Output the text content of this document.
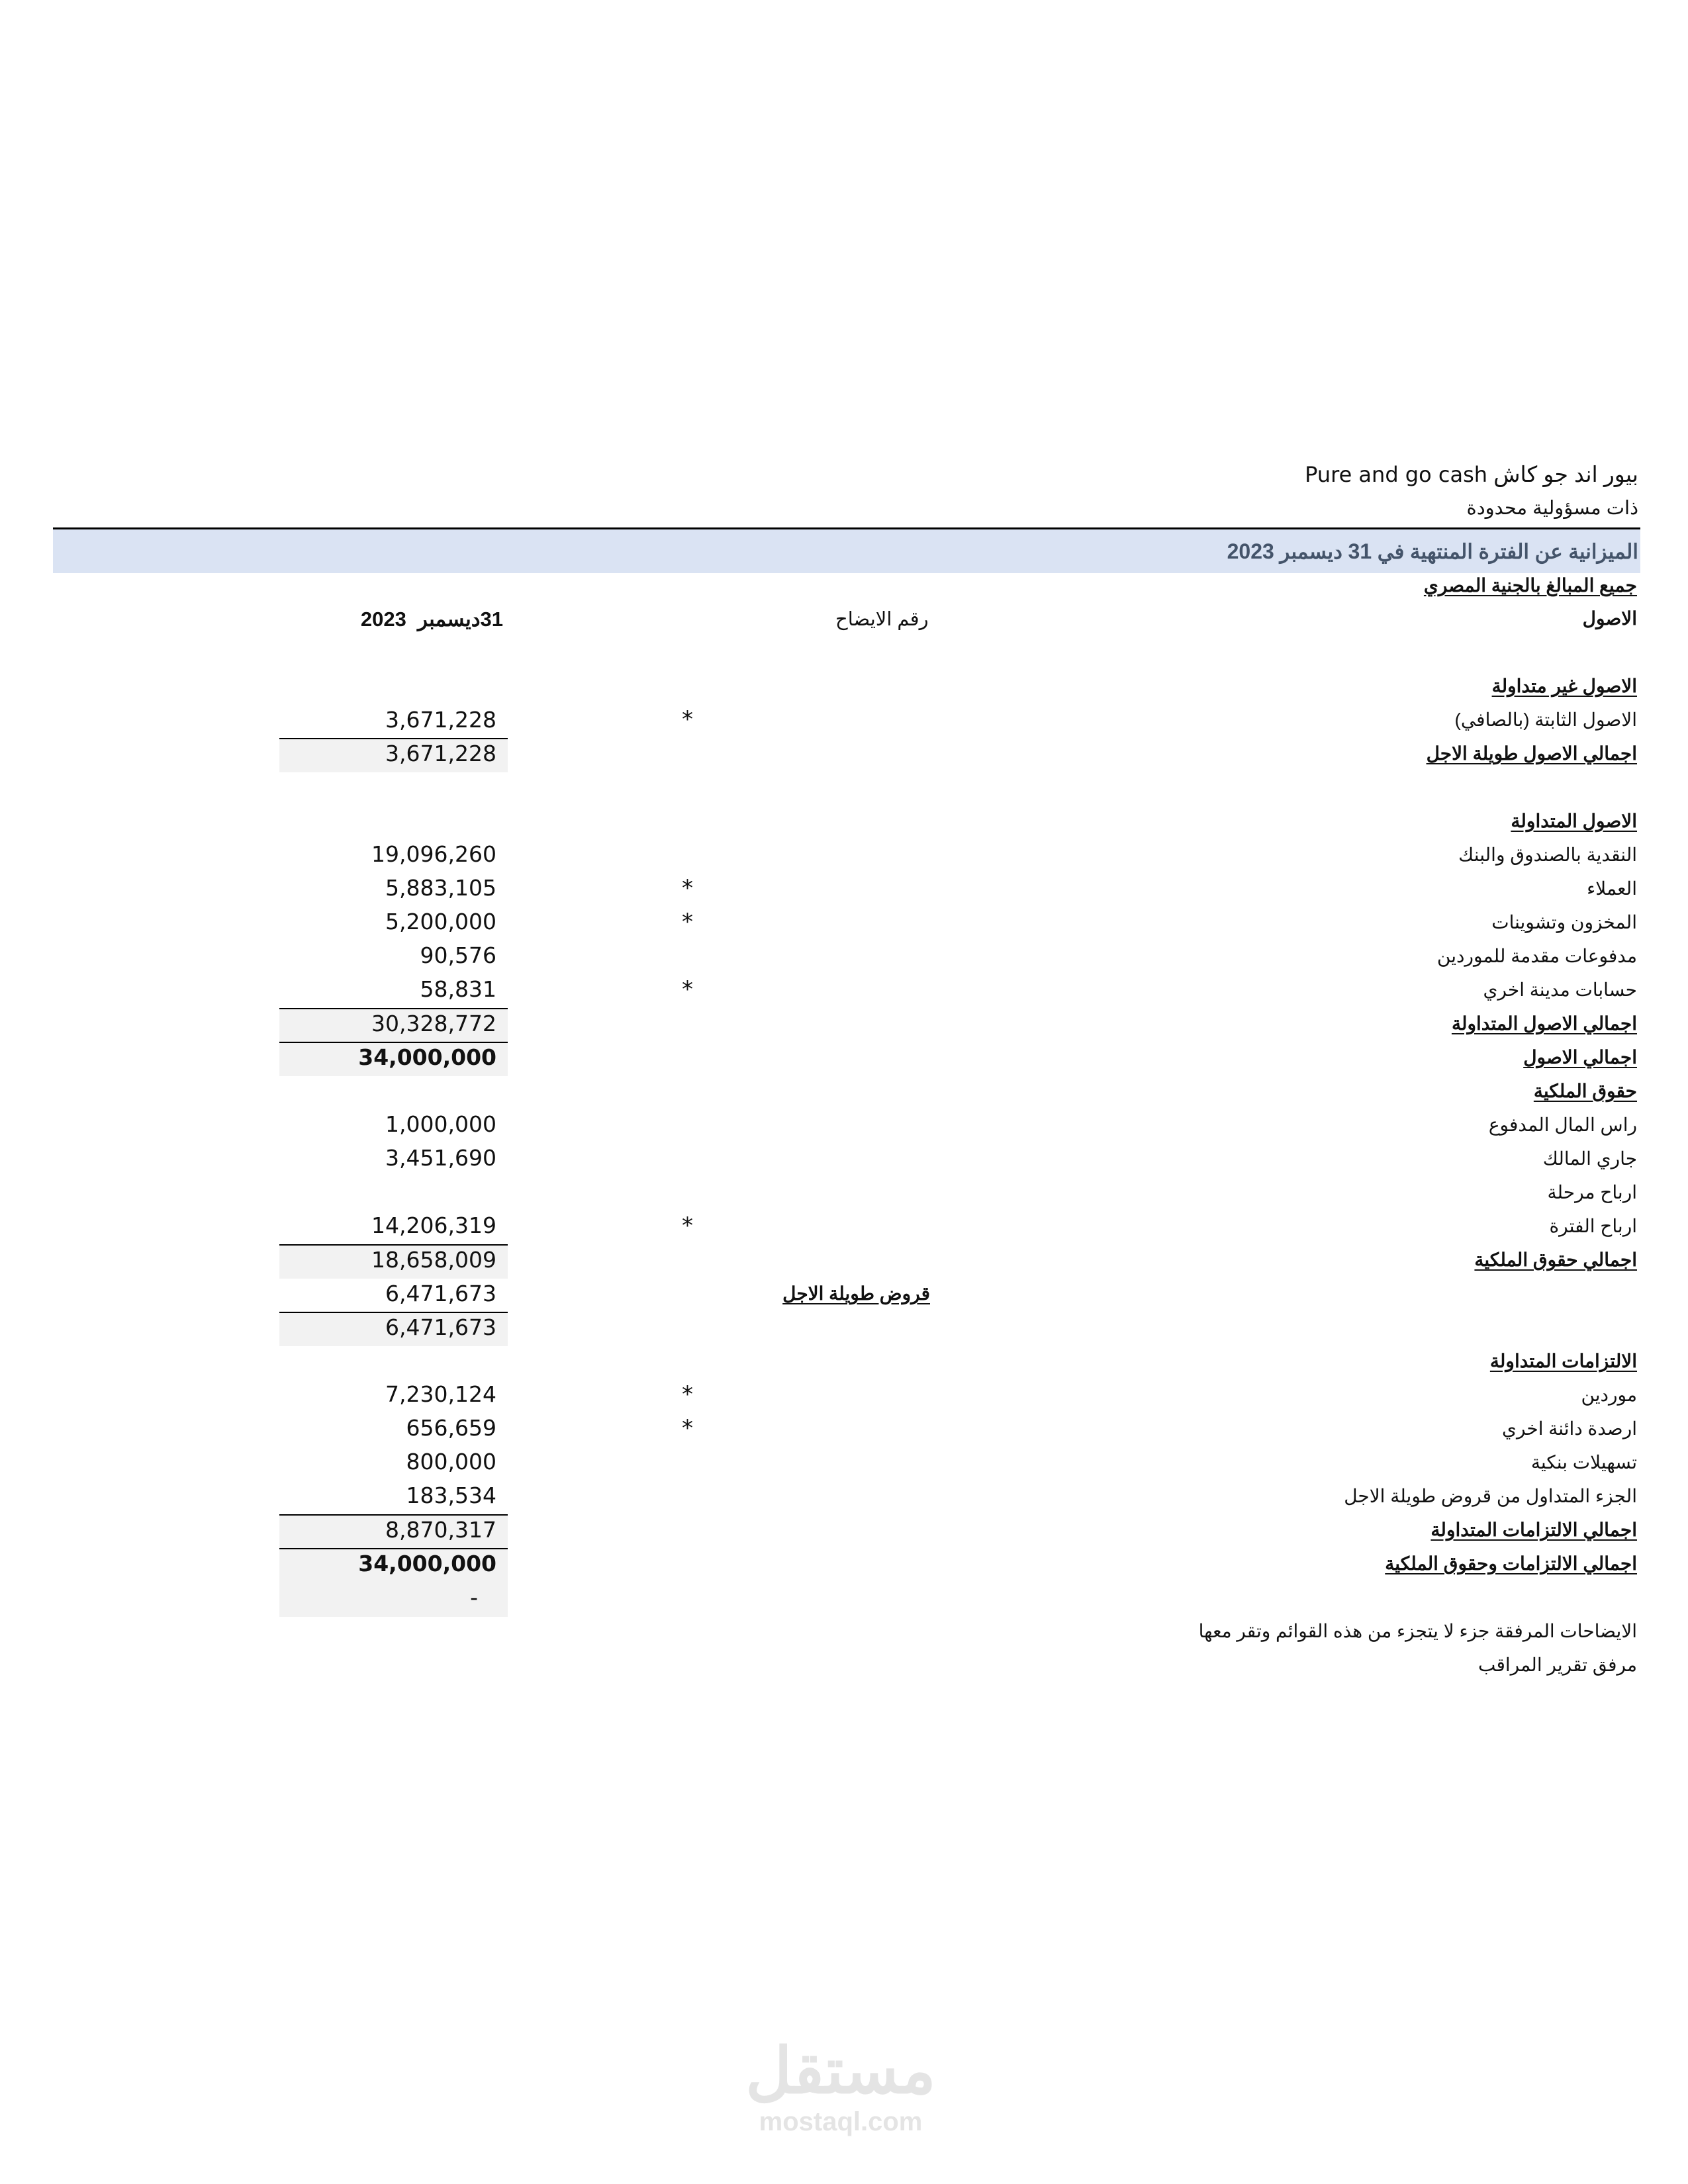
بيور اند جو كاش Pure and go cash
ذات مسؤولية محدودة
الميزانية عن الفترة المنتهية في 31 ديسمبر 2023
جميع المبالغ بالجنية المصري
الاصول
رقم الايضاح
31ديسمبر  2023
الاصول غير متداولة
الاصول الثابتة (بالصافي)
*
3,671,228
اجمالي الاصول طويلة الاجل
3,671,228
الاصول المتداولة
النقدية بالصندوق والبنك
19,096,260
العملاء
*
5,883,105
المخزون وتشوينات
*
5,200,000
مدفوعات مقدمة للموردين
90,576
حسابات مدينة اخري
*
58,831
اجمالي الاصول المتداولة
30,328,772
اجمالي الاصول
34,000,000
حقوق الملكية
راس المال المدفوع
1,000,000
جاري المالك
3,451,690
ارباح مرحلة
ارباح الفترة
*
14,206,319
اجمالي حقوق الملكية
18,658,009
قروض طويلة الاجل
6,471,673
6,471,673
الالتزامات المتداولة
موردين
*
7,230,124
ارصدة دائنة اخري
*
656,659
تسهيلات بنكية
800,000
الجزء المتداول من قروض طويلة الاجل
183,534
اجمالي الالتزامات المتداولة
8,870,317
اجمالي الالتزامات وحقوق الملكية
34,000,000
-
الايضاحات المرفقة جزء لا يتجزء من هذه القوائم وتقر معها
مرفق تقرير المراقب
مستقل
mostaql.com
